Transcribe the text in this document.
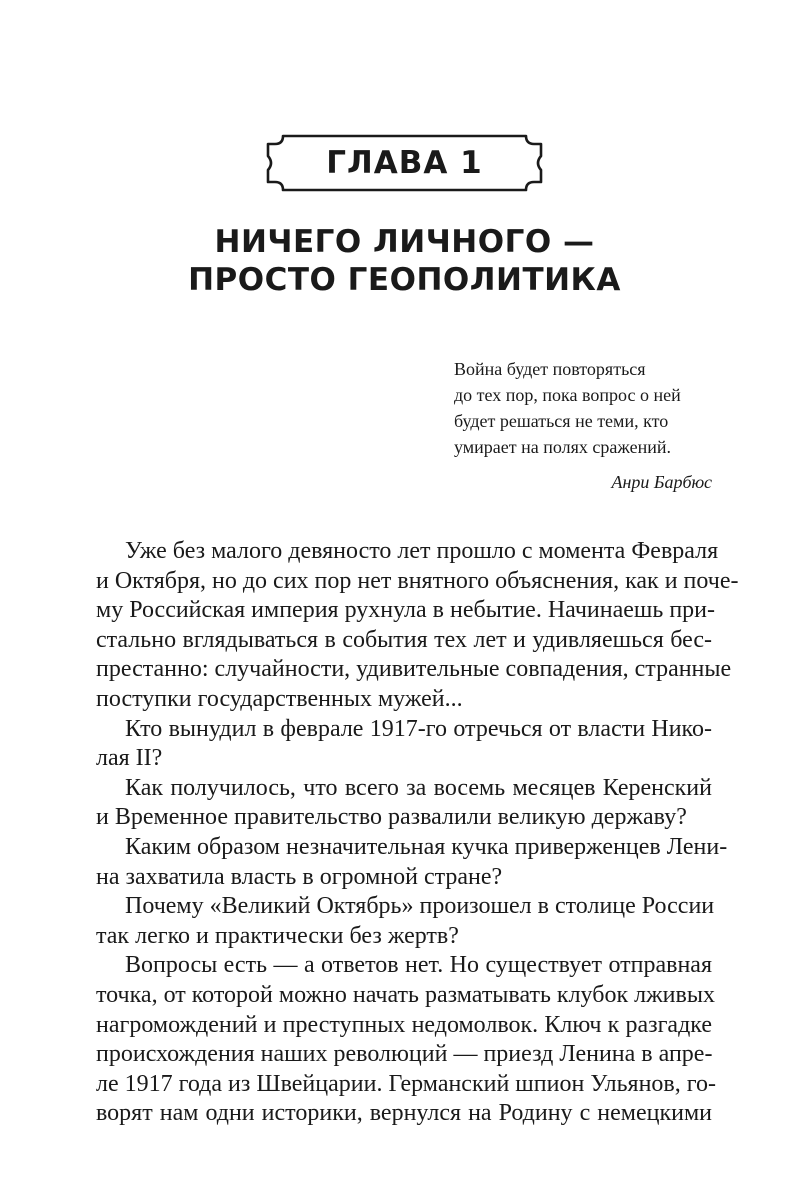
ГЛАВА 1
НИЧЕГО ЛИЧНОГО —
ПРОСТО ГЕОПОЛИТИКА
Война будет повторяться
до тех пор, пока вопрос о ней
будет решаться не теми, кто
умирает на полях сражений.
Анри Барбюс
Уже без малого девяносто лет прошло с момента Февраля
и Октября, но до сих пор нет внятного объяснения, как и поче-
му Российская империя рухнула в небытие. Начинаешь при-
стально вглядываться в события тех лет и удивляешься бес-
престанно: случайности, удивительные совпадения, странные
поступки государственных мужей...
Кто вынудил в феврале 1917-го отречься от власти Нико-
лая II?
Как получилось, что всего за восемь месяцев Керенский
и Временное правительство развалили великую державу?
Каким образом незначительная кучка приверженцев Лени-
на захватила власть в огромной стране?
Почему «Великий Октябрь» произошел в столице России
так легко и практически без жертв?
Вопросы есть — а ответов нет. Но существует отправная
точка, от которой можно начать разматывать клубок лживых
нагромождений и преступных недомолвок. Ключ к разгадке
происхождения наших революций — приезд Ленина в апре-
ле 1917 года из Швейцарии. Германский шпион Ульянов, го-
ворят нам одни историки, вернулся на Родину с немецкими
